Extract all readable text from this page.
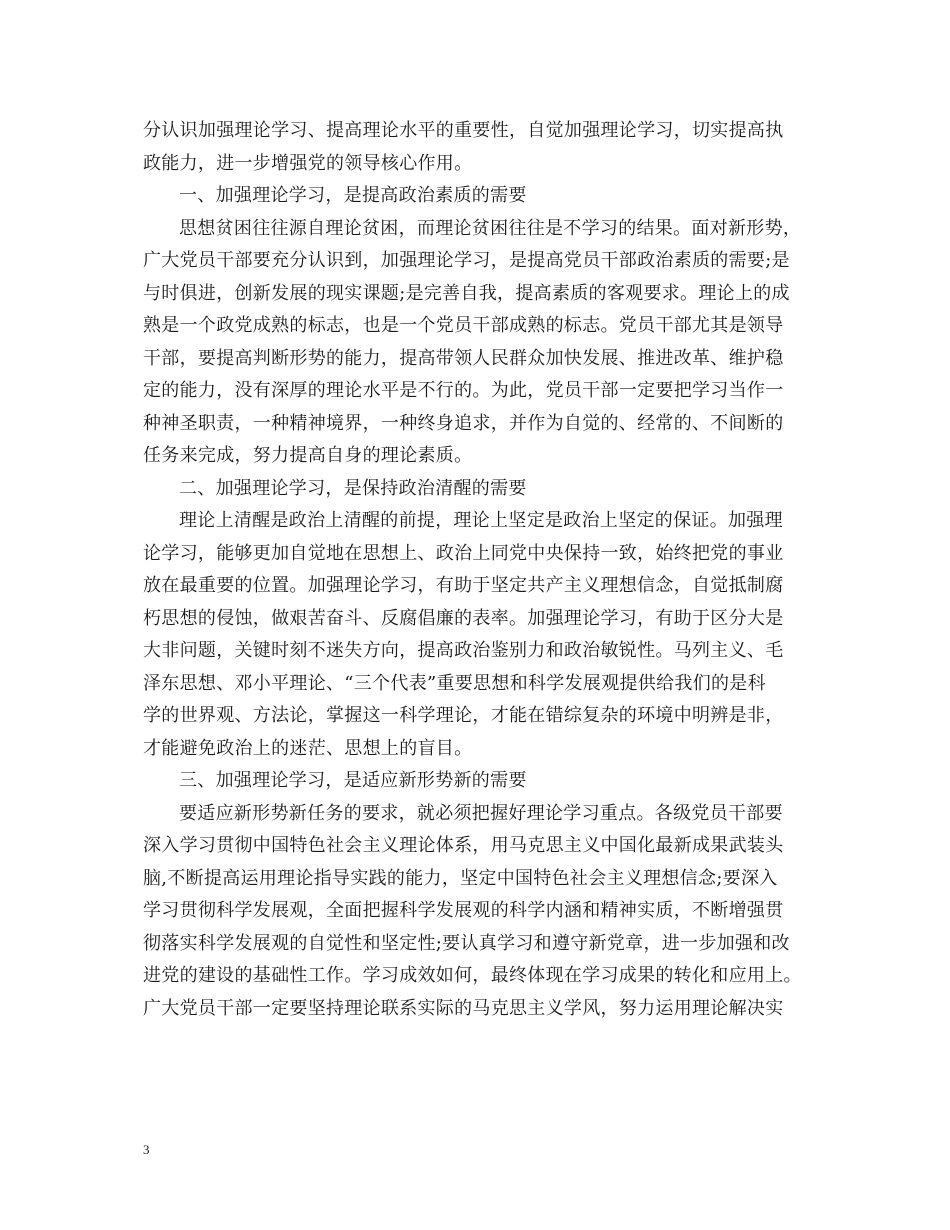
分认识加强理论学习、提高理论水平的重要性，自觉加强理论学习，切实提高执
政能力，进一步增强党的领导核心作用。
一、加强理论学习，是提高政治素质的需要
思想贫困往往源自理论贫困，而理论贫困往往是不学习的结果。面对新形势，
广大党员干部要充分认识到，加强理论学习，是提高党员干部政治素质的需要;是
与时俱进，创新发展的现实课题;是完善自我，提高素质的客观要求。理论上的成
熟是一个政党成熟的标志，也是一个党员干部成熟的标志。党员干部尤其是领导
干部，要提高判断形势的能力，提高带领人民群众加快发展、推进改革、维护稳
定的能力，没有深厚的理论水平是不行的。为此，党员干部一定要把学习当作一
种神圣职责，一种精神境界，一种终身追求，并作为自觉的、经常的、不间断的
任务来完成，努力提高自身的理论素质。
二、加强理论学习，是保持政治清醒的需要
理论上清醒是政治上清醒的前提，理论上坚定是政治上坚定的保证。加强理
论学习，能够更加自觉地在思想上、政治上同党中央保持一致，始终把党的事业
放在最重要的位置。加强理论学习，有助于坚定共产主义理想信念，自觉抵制腐
朽思想的侵蚀，做艰苦奋斗、反腐倡廉的表率。加强理论学习，有助于区分大是
大非问题，关键时刻不迷失方向，提高政治鉴别力和政治敏锐性。马列主义、毛
泽东思想、邓小平理论、“三个代表”重要思想和科学发展观提供给我们的是科
学的世界观、方法论，掌握这一科学理论，才能在错综复杂的环境中明辨是非，
才能避免政治上的迷茫、思想上的盲目。
三、加强理论学习，是适应新形势新的需要
要适应新形势新任务的要求，就必须把握好理论学习重点。各级党员干部要
深入学习贯彻中国特色社会主义理论体系，用马克思主义中国化最新成果武装头
脑,不断提高运用理论指导实践的能力，坚定中国特色社会主义理想信念;要深入
学习贯彻科学发展观，全面把握科学发展观的科学内涵和精神实质，不断增强贯
彻落实科学发展观的自觉性和坚定性;要认真学习和遵守新党章，进一步加强和改
进党的建设的基础性工作。学习成效如何，最终体现在学习成果的转化和应用上。
广大党员干部一定要坚持理论联系实际的马克思主义学风，努力运用理论解决实
3
